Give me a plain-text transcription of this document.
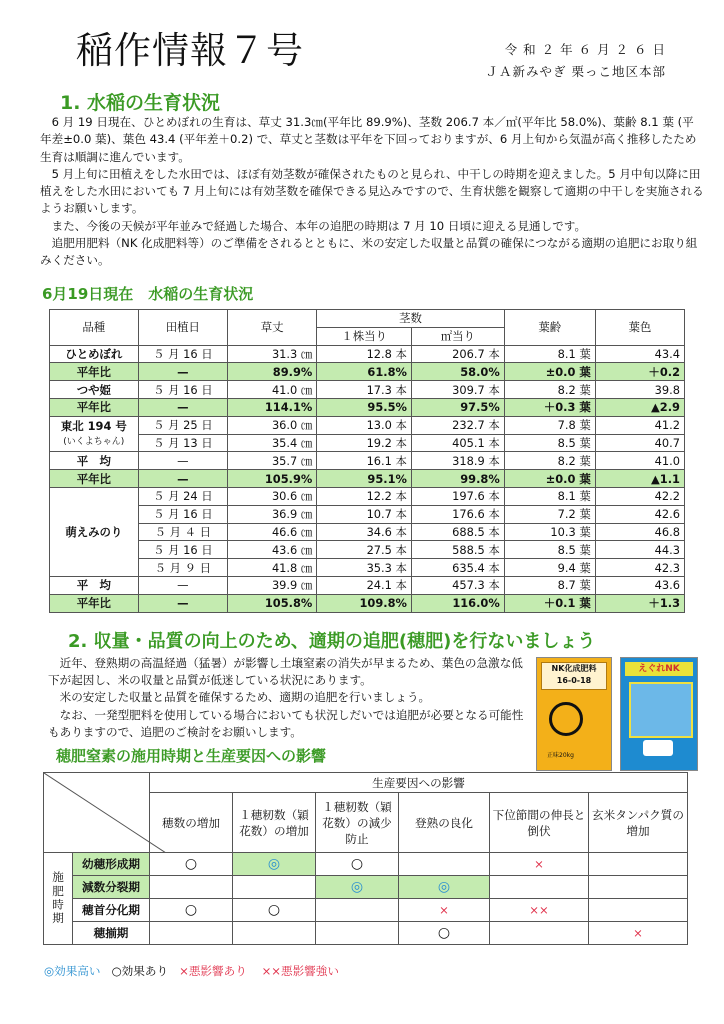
稲作情報７号	令 和 ２ 年 ６ 月 ２ ６ 日
ＪＡ新みやぎ 栗っこ地区本部
1. 水稲の生育状況

　6 月 19 日現在、ひとめぼれの生育は、草丈 31.3㎝(平年比 89.9%)、茎数 206.7 本／㎡(平年比 58.0%)、葉齢 8.1 葉 (平年差±0.0 葉)、葉色 43.4 (平年差＋0.2) で、草丈と茎数は平年を下回っておりますが、6 月上旬から気温が高く推移したため生育は順調に進んでいます。

　5 月上旬に田植えをした水田では、ほぼ有効茎数が確保されたものと見られ、中干しの時期を迎えました。5 月中旬以降に田植えをした水田においても 7 月上旬には有効茎数を確保できる見込みですので、生育状態を観察して適期の中干しを実施されるようお願いします。

　また、今後の天候が平年並みで経過した場合、本年の追肥の時期は 7 月 10 日頃に迎える見通しです。

　追肥用肥料（NK 化成肥料等）のご準備をされるとともに、米の安定した収量と品質の確保につながる適期の追肥にお取り組みください。

6月19日現在　水稲の生育状況
品種	田植日	草丈	茎数		葉齢	葉色
			１株当り	㎡当り		
ひとめぼれ	５ 月 16 日	31.3 ㎝	12.8 本	206.7 本	8.1 葉	43.4
平年比	—	89.9%	61.8%	58.0%	±0.0 葉	＋0.2
つや姫	５ 月 16 日	41.0 ㎝	17.3 本	309.7 本	8.2 葉	39.8
平年比	—	114.1%	95.5%	97.5%	＋0.3 葉	▲2.9
東北 194 号
(いくよちゃん)	５ 月 25 日	36.0 ㎝	13.0 本	232.7 本	7.8 葉	41.2
	５ 月 13 日	35.4 ㎝	19.2 本	405.1 本	8.5 葉	40.7
平　均	—	35.7 ㎝	16.1 本	318.9 本	8.2 葉	41.0
平年比	—	105.9%	95.1%	99.8%	±0.0 葉	▲1.1
萌えみのり	５ 月 24 日	30.6 ㎝	12.2 本	197.6 本	8.1 葉	42.2
	５ 月 16 日	36.9 ㎝	10.7 本	176.6 本	7.2 葉	42.6
	５ 月 ４ 日	46.6 ㎝	34.6 本	688.5 本	10.3 葉	46.8
	５ 月 16 日	43.6 ㎝	27.5 本	588.5 本	8.5 葉	44.3
	５ 月 ９ 日	41.8 ㎝	35.3 本	635.4 本	9.4 葉	42.3
平　均	—	39.9 ㎝	24.1 本	457.3 本	8.7 葉	43.6
平年比	—	105.8%	109.8%	116.0%	＋0.1 葉	＋1.3
2. 収量・品質の向上のため、適期の追肥(穂肥)を行ないましょう

　近年、登熟期の高温経過（猛暑）が影響し土壌窒素の消失が早まるため、葉色の急激な低下が起因し、米の収量と品質が低迷している状況にあります。

　米の安定した収量と品質を確保するため、適期の追肥を行いましょう。

　なお、一発型肥料を使用している場合においても状況しだいでは追肥が必要となる可能性もありますので、追肥のご検討をお願いします。

NK化成肥料
16-0-18
正味20kg
えぐれNK
穂肥窒素の施用時期と生産要因への影響
	生産要因への影響					
		穂数の増加	１穂籾数（穎花数）の増加	１穂籾数（穎花数）の減少防止	登熟の良化	下位節間の伸長と倒伏	玄米タンパク質の増加
施肥時期	幼穂形成期	○	◎	○		×	
	減数分裂期			◎	◎		
	穂首分化期	○	○		×	××	
	穂揃期				○		×
◎効果高い ○効果あり ×悪影響あり ××悪影響強い
